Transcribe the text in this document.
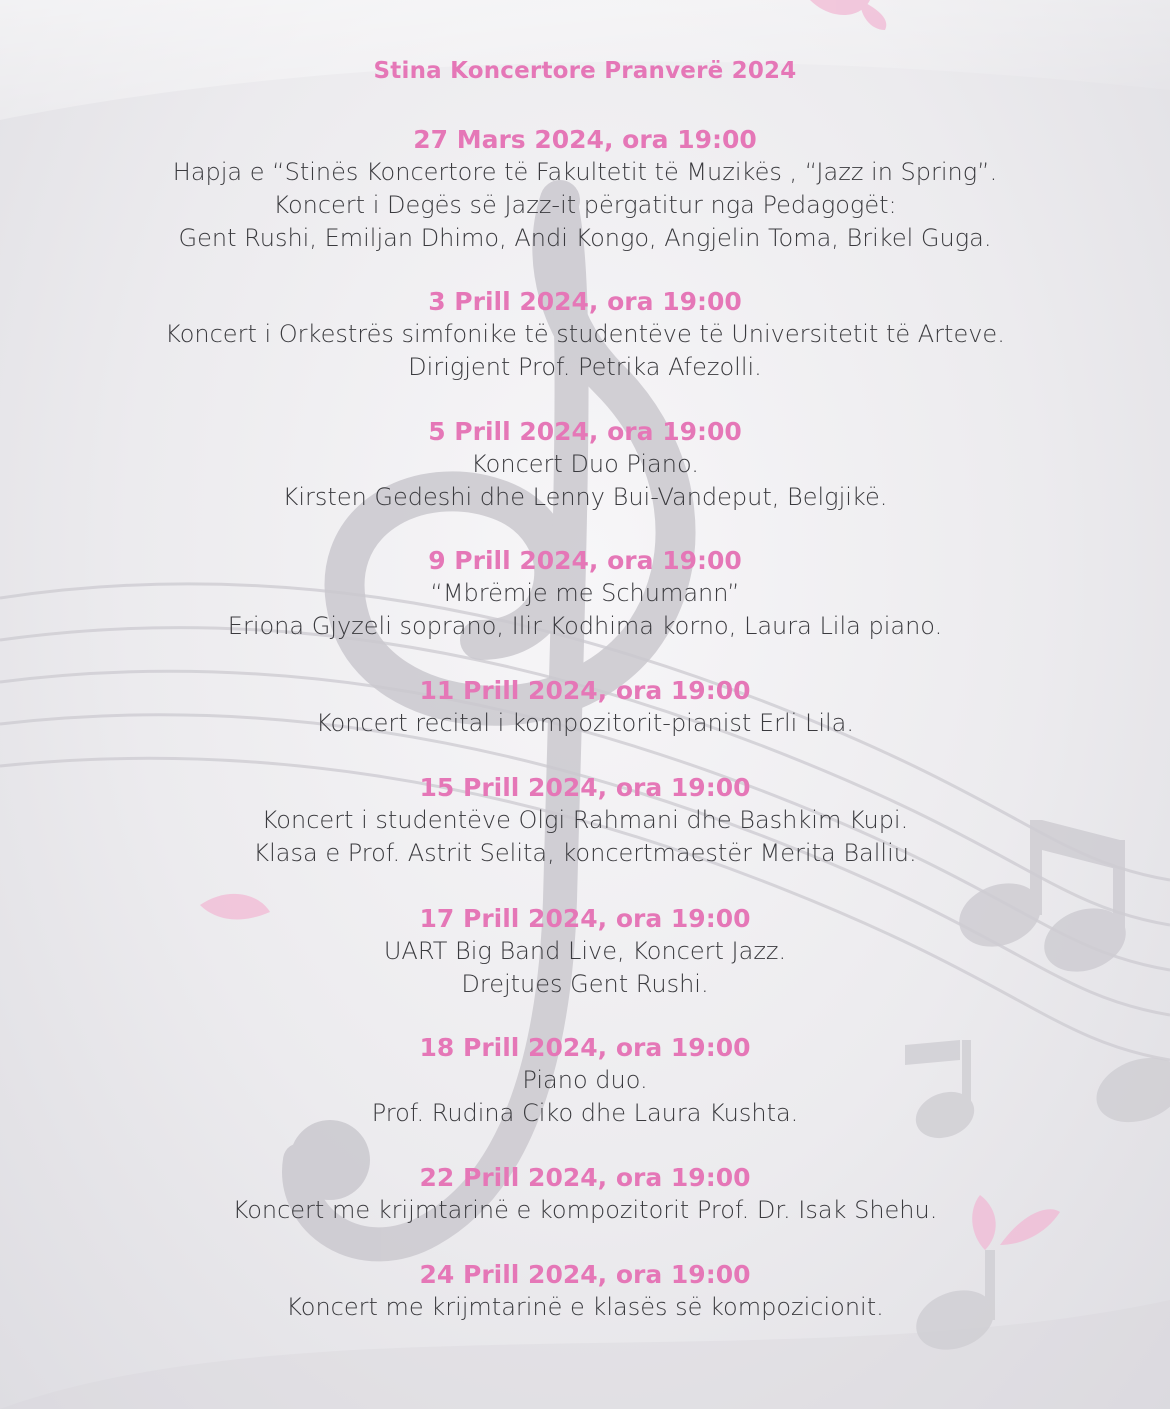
Stina Koncertore Pranverë 2024
27 Mars 2024, ora 19:00
Hapja e “Stinës Koncertore të Fakultetit të Muzikës , “Jazz in Spring”.
Koncert i Degës së Jazz-it përgatitur nga Pedagogët:
Gent Rushi, Emiljan Dhimo, Andi Kongo, Angjelin Toma, Brikel Guga.
3 Prill 2024, ora 19:00
Koncert i Orkestrës simfonike të studentëve të Universitetit të Arteve.
Dirigjent Prof. Petrika Afezolli.
5 Prill 2024, ora 19:00
Koncert Duo Piano.
Kirsten Gedeshi dhe Lenny Bui-Vandeput, Belgjikë.
9 Prill 2024, ora 19:00
“Mbrëmje me Schumann”
Eriona Gjyzeli soprano, Ilir Kodhima korno, Laura Lila piano.
11 Prill 2024, ora 19:00
Koncert recital i kompozitorit-pianist Erli Lila.
15 Prill 2024, ora 19:00
Koncert i studentëve Olgi Rahmani dhe Bashkim Kupi.
Klasa e Prof. Astrit Selita, koncertmaestër Merita Balliu.
17 Prill 2024, ora 19:00
UART Big Band Live, Koncert Jazz.
Drejtues Gent Rushi.
18 Prill 2024, ora 19:00
Piano duo.
Prof. Rudina Ciko dhe Laura Kushta.
22 Prill 2024, ora 19:00
Koncert me krijmtarinë e kompozitorit Prof. Dr. Isak Shehu.
24 Prill 2024, ora 19:00
Koncert me krijmtarinë e klasës së kompozicionit.
